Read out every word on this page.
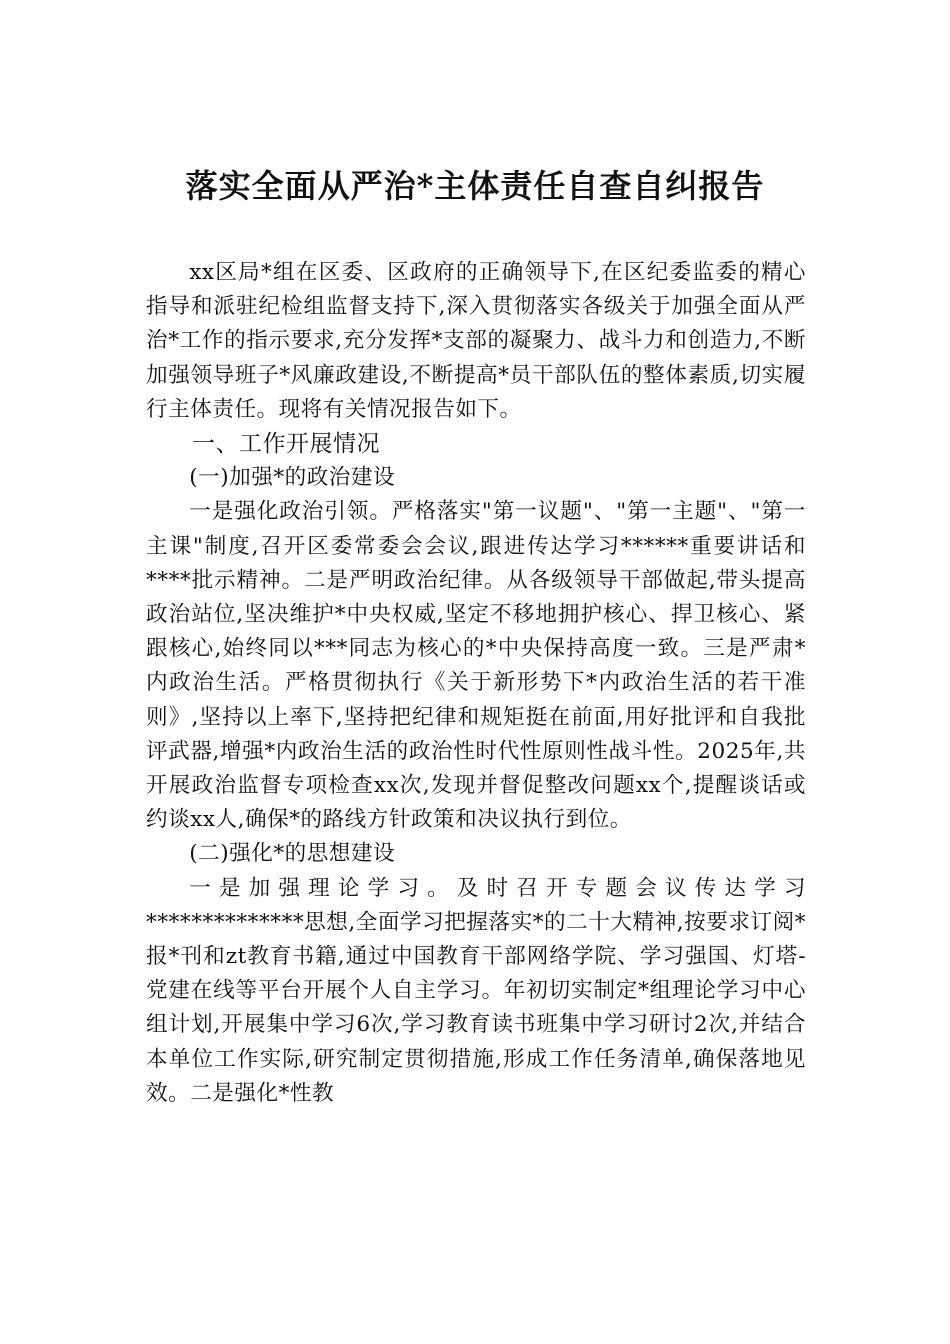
落实全面从严治*主体责任自查自纠报告

xx区局*组在区委、区政府的正确领导下,在区纪委监委的精心指导和派驻纪检组监督支持下,深入贯彻落实各级关于加强全面从严治*工作的指示要求,充分发挥*支部的凝聚力、战斗力和创造力,不断加强领导班子*风廉政建设,不断提高*员干部队伍的整体素质,切实履行主体责任。现将有关情况报告如下。

一、工作开展情况

(一)加强*的政治建设

一是强化政治引领。严格落实"第一议题"、"第一主题"、"第一主课"制度,召开区委常委会会议,跟进传达学习******重要讲话和****批示精神。二是严明政治纪律。从各级领导干部做起,带头提高政治站位,坚决维护*中央权威,坚定不移地拥护核心、捍卫核心、紧跟核心,始终同以***同志为核心的*中央保持高度一致。三是严肃*内政治生活。严格贯彻执行《关于新形势下*内政治生活的若干准则》,坚持以上率下,坚持把纪律和规矩挺在前面,用好批评和自我批评武器,增强*内政治生活的政治性时代性原则性战斗性。2025年,共开展政治监督专项检查xx次,发现并督促整改问题xx个,提醒谈话或约谈xx人,确保*的路线方针政策和决议执行到位。

(二)强化*的思想建设

一是加强理论学习。及时召开专题会议传达学习**************思想,全面学习把握落实*的二十大精神,按要求订阅*报*刊和zt教育书籍,通过中国教育干部网络学院、学习强国、灯塔-党建在线等平台开展个人自主学习。年初切实制定*组理论学习中心组计划,开展集中学习6次,学习教育读书班集中学习研讨2次,并结合本单位工作实际,研究制定贯彻措施,形成工作任务清单,确保落地见效。二是强化*性教
